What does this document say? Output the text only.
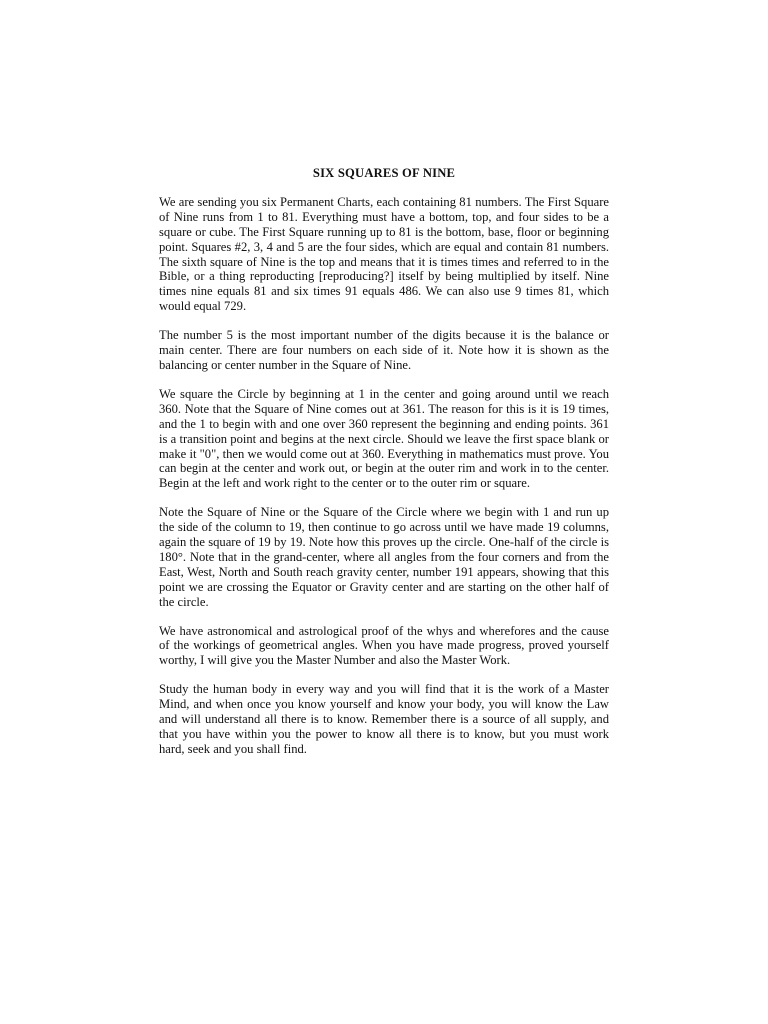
SIX SQUARES OF NINE

We are sending you six Permanent Charts, each containing 81 numbers. The First Square of Nine runs from 1 to 81. Everything must have a bottom, top, and four sides to be a square or cube. The First Square running up to 81 is the bottom, base, floor or beginning point. Squares #2, 3, 4 and 5 are the four sides, which are equal and contain 81 numbers. The sixth square of Nine is the top and means that it is times times and referred to in the Bible, or a thing reproducting [reproducing?] itself by being multiplied by itself. Nine times nine equals 81 and six times 91 equals 486. We can also use 9 times 81, which would equal 729.

The number 5 is the most important number of the digits because it is the balance or main center. There are four numbers on each side of it. Note how it is shown as the balancing or center number in the Square of Nine.

We square the Circle by beginning at 1 in the center and going around until we reach 360. Note that the Square of Nine comes out at 361. The reason for this is it is 19 times, and the 1 to begin with and one over 360 represent the beginning and ending points. 361 is a transition point and begins at the next circle. Should we leave the first space blank or make it "0", then we would come out at 360. Everything in mathematics must prove. You can begin at the center and work out, or begin at the outer rim and work in to the center. Begin at the left and work right to the center or to the outer rim or square.

Note the Square of Nine or the Square of the Circle where we begin with 1 and run up the side of the column to 19, then continue to go across until we have made 19 columns, again the square of 19 by 19. Note how this proves up the circle. One-half of the circle is 180°. Note that in the grand-center, where all angles from the four corners and from the East, West, North and South reach gravity center, number 191 appears, showing that this point we are crossing the Equator or Gravity center and are starting on the other half of the circle.

We have astronomical and astrological proof of the whys and wherefores and the cause of the workings of geometrical angles. When you have made progress, proved yourself worthy, I will give you the Master Number and also the Master Work.

Study the human body in every way and you will find that it is the work of a Master Mind, and when once you know yourself and know your body, you will know the Law and will understand all there is to know. Remember there is a source of all supply, and that you have within you the power to know all there is to know, but you must work hard, seek and you shall find.
